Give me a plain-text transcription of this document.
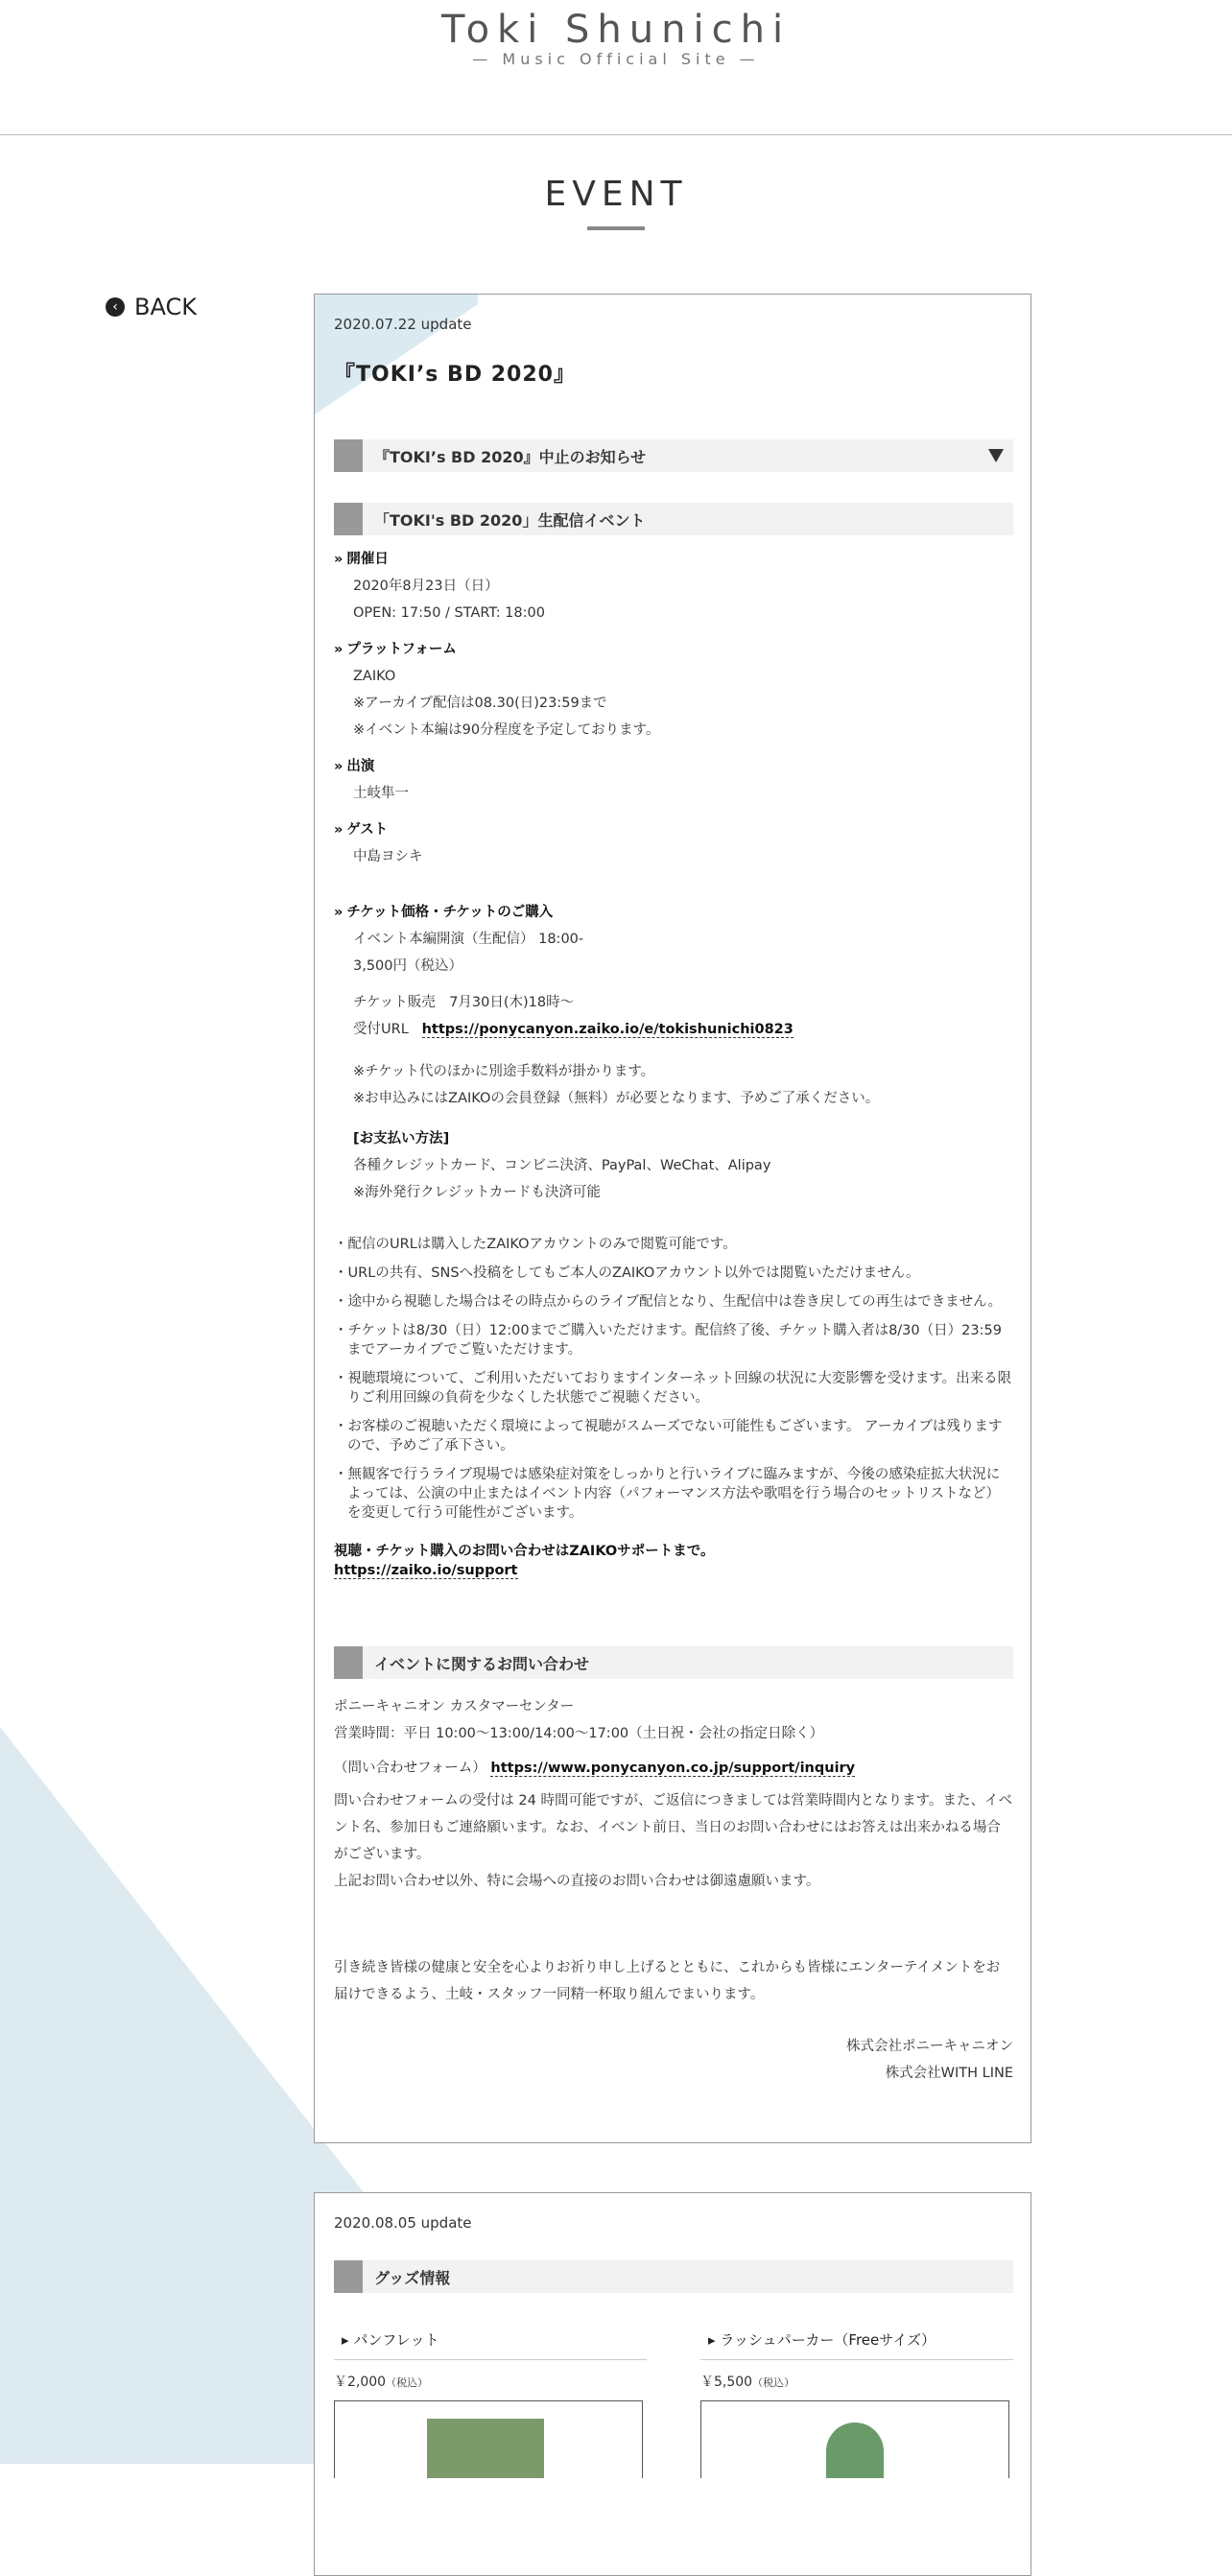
Toki Shunichi
— Music Official Site —
EVENT
‹ BACK
2020.07.22 update
『TOKI’s BD 2020』
『TOKI’s BD 2020』中止のお知らせ
「TOKI's BD 2020」生配信イベント
» 開催日
2020年8月23日（日）
OPEN: 17:50 / START: 18:00
» プラットフォーム
ZAIKO
※アーカイブ配信は08.30(日)23:59まで
※イベント本編は90分程度を予定しております。
» 出演
土岐隼一
» ゲスト
中島ヨシキ
» チケット価格・チケットのご購入
イベント本編開演（生配信） 18:00-
3,500円（税込）
チケット販売　7月30日(木)18時～
受付URL https://ponycanyon.zaiko.io/e/tokishunichi0823
※チケット代のほかに別途手数料が掛かります。
※お申込みにはZAIKOの会員登録（無料）が必要となります、予めご了承ください。
[お支払い方法]
各種クレジットカード、コンビニ決済、PayPal、WeChat、Alipay
※海外発行クレジットカードも決済可能
・配信のURLは購入したZAIKOアカウントのみで閲覧可能です。
・URLの共有、SNSへ投稿をしてもご本人のZAIKOアカウント以外では閲覧いただけません。
・途中から視聴した場合はその時点からのライブ配信となり、生配信中は巻き戻しての再生はできません。
・チケットは8/30（日）12:00までご購入いただけます。配信終了後、チケット購入者は8/30（日）23:59までアーカイブでご覧いただけます。
・視聴環境について、ご利用いただいておりますインターネット回線の状況に大変影響を受けます。出来る限りご利用回線の負荷を少なくした状態でご視聴ください。
・お客様のご視聴いただく環境によって視聴がスムーズでない可能性もございます。 アーカイブは残りますので、予めご了承下さい。
・無観客で行うライブ現場では感染症対策をしっかりと行いライブに臨みますが、今後の感染症拡大状況によっては、公演の中止またはイベント内容（パフォーマンス方法や歌唱を行う場合のセットリストなど）を変更して行う可能性がございます。
視聴・チケット購入のお問い合わせはZAIKOサポートまで。
https://zaiko.io/support
イベントに関するお問い合わせ
ポニーキャニオン カスタマーセンター
営業時間：平日 10:00～13:00/14:00～17:00（土日祝・会社の指定日除く）
（問い合わせフォーム） https://www.ponycanyon.co.jp/support/inquiry
問い合わせフォームの受付は 24 時間可能ですが、ご返信につきましては営業時間内となります。また、イベント名、参加日もご連絡願います。なお、イベント前日、当日のお問い合わせにはお答えは出来かねる場合がございます。
上記お問い合わせ以外、特に会場への直接のお問い合わせは御遠慮願います。
引き続き皆様の健康と安全を心よりお祈り申し上げるとともに、これからも皆様にエンターテイメントをお届けできるよう、土岐・スタッフ一同精一杯取り組んでまいります。
株式会社ポニーキャニオン
株式会社WITH LINE
2020.08.05 update
グッズ情報
▸ パンフレット
￥2,000（税込）
▸ ラッシュパーカー（Freeサイズ）
￥5,500（税込）
